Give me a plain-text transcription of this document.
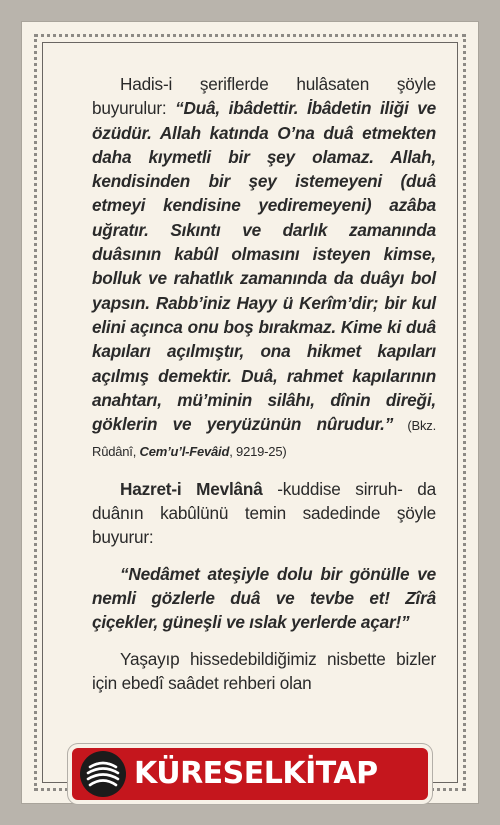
Hadis-i şeriflerde hulâsaten şöyle buyurulur: “Duâ, ibâdettir. İbâdetin iliği ve özüdür. Allah katında O’na duâ etmekten daha kıymetli bir şey olamaz. Allah, kendisinden bir şey istemeyeni (duâ etmeyi kendisine yediremeyeni) azâba uğratır. Sıkıntı ve darlık zamanında duâsının kabûl olmasını isteyen kimse, bolluk ve rahatlık zamanında da duâyı bol yapsın. Rabb’iniz Hayy ü Kerîm’dir; bir kul elini açınca onu boş bırakmaz. Kime ki duâ kapıları açılmıştır, ona hikmet kapıları açılmış demektir. Duâ, rahmet kapılarının anahtarı, mü’minin silâhı, dînin direği, göklerin ve yeryüzünün nûrudur.” (Bkz. Rûdânî, Cem’u’l-Fevâid, 9219-25)

Hazret-i Mevlânâ -kuddise sirruh- da duânın kabûlünü temin sadedinde şöyle buyurur:

“Nedâmet ateşiyle dolu bir gönülle ve nemli gözlerle duâ ve tevbe et! Zîrâ çiçekler, güneşli ve ıslak yerlerde açar!”

Yaşayıp hissedebildiğimiz nisbette bizler için ebedî saâdet rehberi olan

KÜRESELKİTAP
